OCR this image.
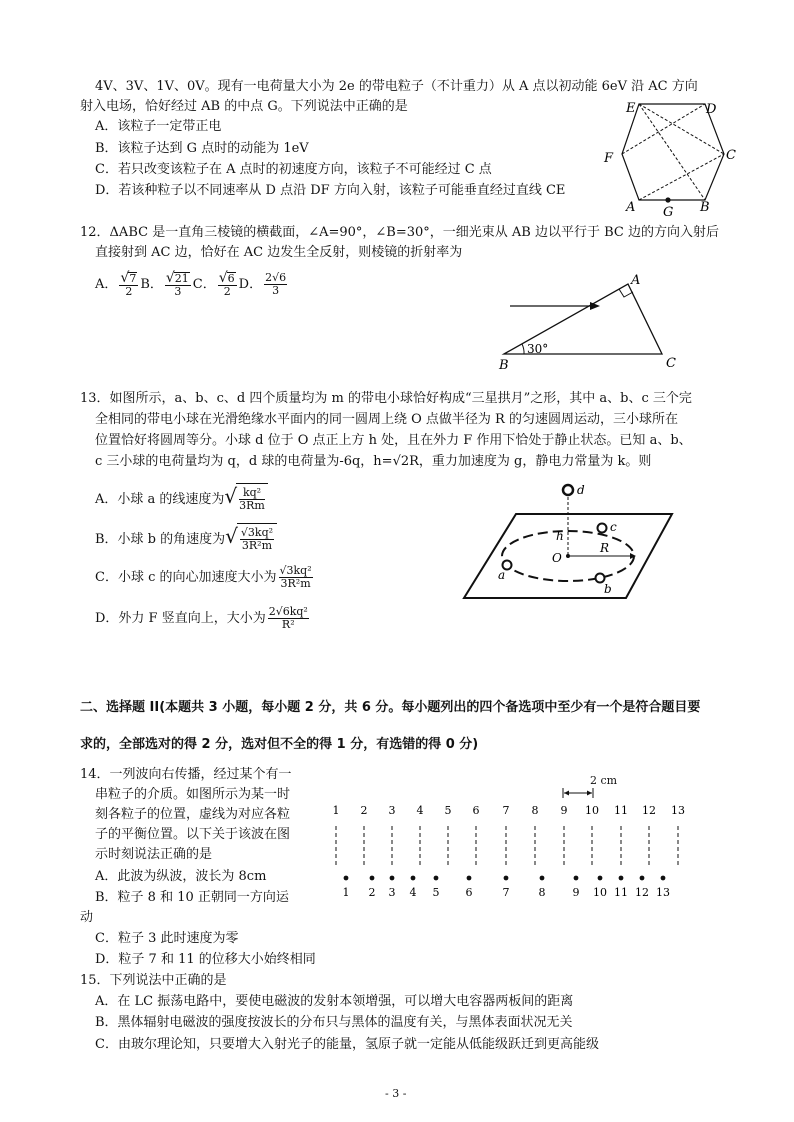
4V、3V、1V、0V。现有一电荷量大小为 2e 的带电粒子（不计重力）从 A 点以初动能 6eV 沿 AC 方向
射入电场，恰好经过 AB 的中点 G。下列说法中正确的是
A．该粒子一定带正电
B．该粒子达到 G 点时的动能为 1eV
C．若只改变该粒子在 A 点时的初速度方向，该粒子不可能经过 C 点
D．若该种粒子以不同速率从 D 点沿 DF 方向入射，该粒子可能垂直经过直线 CE
E	D
C
F
A G B
12．ΔABC 是一直角三棱镜的横截面，∠A=90°，∠B=30°，一细光束从 AB 边以平行于 BC 边的方向入射后
直接射到 AC 边，恰好在 AC 边发生全反射，则棱镜的折射率为
A． $\frac{√7}{2}$ B． $\frac{√21}{3}$ C． $\frac{√6}{2}$ D． $\frac{2√6}{3}$
30°
A
B	C
13．如图所示，a、b、c、d 四个质量均为 m 的带电小球恰好构成“三星拱月”之形，其中 a、b、c 三个完
全相同的带电小球在光滑绝缘水平面内的同一圆周上绕 O 点做半径为 R 的匀速圆周运动，三小球所在
位置恰好将圆周等分。小球 d 位于 O 点正上方 h 处，且在外力 F 作用下恰处于静止状态。已知 a、b、
c 三小球的电荷量均为 q，d 球的电荷量为-6q，h=√2R，重力加速度为 g，静电力常量为 k。则
A．小球 a 的线速度为√ $\frac{\text{kq²}}{3Rm}$
B．小球 b 的角速度为√ $\frac{\text{√3kq²}}{\text{3R²m}}$
C．小球 c 的向心加速度大小为 $\frac{\text{√3kq²}}{\text{3R²m}}$
D．外力 F 竖直向上，大小为 $\frac{\text{2√6kq²}}{\text{R²}}$
d
c
h
R
O
a
b
二、选择题 II(本题共 3 小题，每小题 2 分，共 6 分。每小题列出的四个备选项中至少有一个是符合题目要
求的，全部选对的得 2 分，选对但不全的得 1 分，有选错的得 0 分)
14．一列波向右传播，经过某个有一
串粒子的介质。如图所示为某一时
刻各粒子的位置，虚线为对应各粒
子的平衡位置。以下关于该波在图
示时刻说法正确的是
A．此波为纵波，波长为 8cm
B．粒子 8 和 10 正朝同一方向运
动
C．粒子 3 此时速度为零
D．粒子 7 和 11 的位移大小始终相同
1 2 3 4 5 6 7 8 9 10 11 12 13
1 2 3 4 5 6	7	8 9 10 11 12 13
2 cm
15．下列说法中正确的是
A．在 LC 振荡电路中，要使电磁波的发射本领增强，可以增大电容器两板间的距离
B．黑体辐射电磁波的强度按波长的分布只与黑体的温度有关，与黑体表面状况无关
C．由玻尔理论知，只要增大入射光子的能量，氢原子就一定能从低能级跃迁到更高能级
- 3 -
